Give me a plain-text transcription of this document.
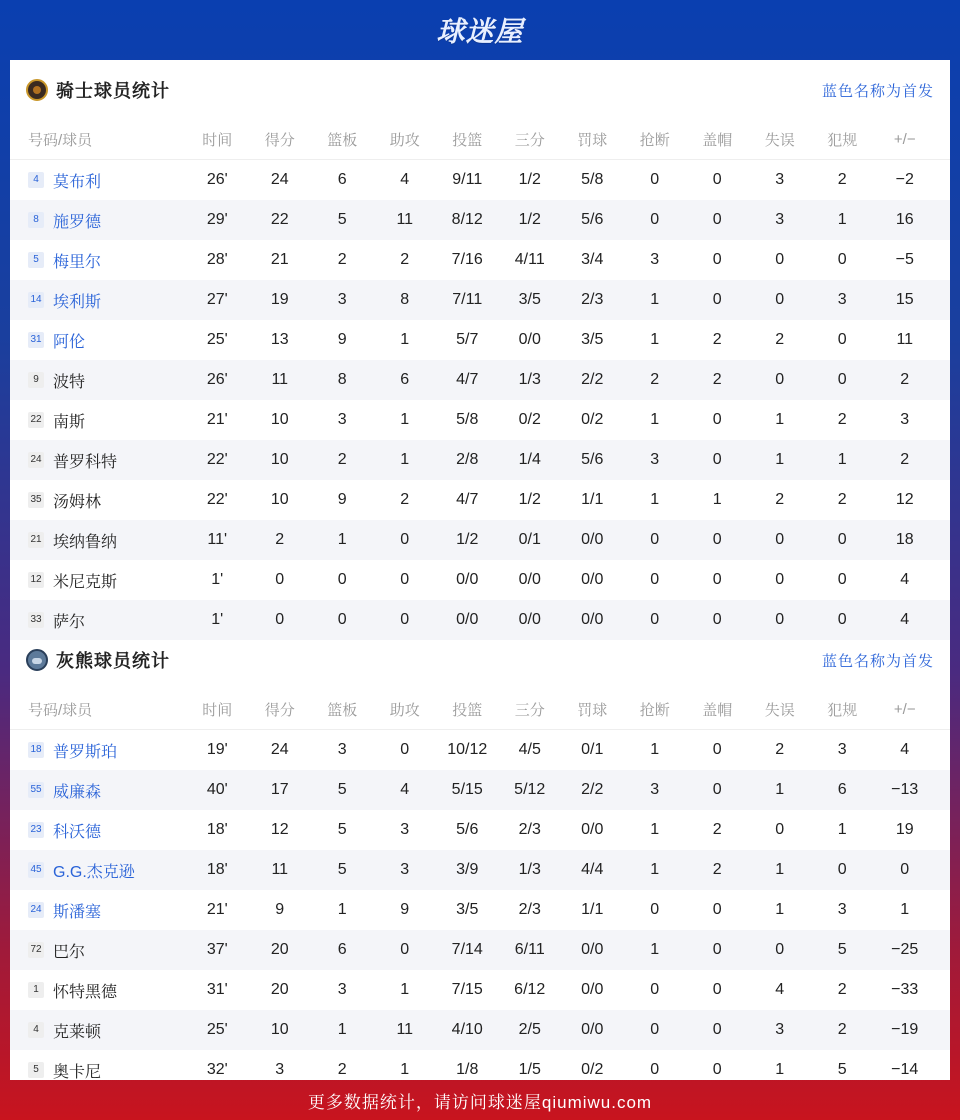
球迷屋
骑士球员统计	蓝色名称为首发
号码/球员	时间	得分	篮板	助攻	投篮	三分	罚球	抢断	盖帽	失误	犯规	+/−
4 莫布利	26'	24	6	4	9/11	1/2	5/8	0	0	3	2	−2
8 施罗德	29'	22	5	11	8/12	1/2	5/6	0	0	3	1	16
5 梅里尔	28'	21	2	2	7/16	4/11	3/4	3	0	0	0	−5
14 埃利斯	27'	19	3	8	7/11	3/5	2/3	1	0	0	3	15
31 阿伦	25'	13	9	1	5/7	0/0	3/5	1	2	2	0	11
9 波特	26'	11	8	6	4/7	1/3	2/2	2	2	0	0	2
22 南斯	21'	10	3	1	5/8	0/2	0/2	1	0	1	2	3
24 普罗科特	22'	10	2	1	2/8	1/4	5/6	3	0	1	1	2
35 汤姆林	22'	10	9	2	4/7	1/2	1/1	1	1	2	2	12
21 埃纳鲁纳	11'	2	1	0	1/2	0/1	0/0	0	0	0	0	18
12 米尼克斯	1'	0	0	0	0/0	0/0	0/0	0	0	0	0	4
33 萨尔	1'	0	0	0	0/0	0/0	0/0	0	0	0	0	4
灰熊球员统计	蓝色名称为首发
号码/球员	时间	得分	篮板	助攻	投篮	三分	罚球	抢断	盖帽	失误	犯规	+/−
18 普罗斯珀	19'	24	3	0	10/12	4/5	0/1	1	0	2	3	4
55 威廉森	40'	17	5	4	5/15	5/12	2/2	3	0	1	6	−13
23 科沃德	18'	12	5	3	5/6	2/3	0/0	1	2	0	1	19
45 G.G.杰克逊	18'	11	5	3	3/9	1/3	4/4	1	2	1	0	0
24 斯潘塞	21'	9	1	9	3/5	2/3	1/1	0	0	1	3	1
72 巴尔	37'	20	6	0	7/14	6/11	0/0	1	0	0	5	−25
1 怀特黑德	31'	20	3	1	7/15	6/12	0/0	0	0	4	2	−33
4 克莱顿	25'	10	1	11	4/10	2/5	0/0	0	0	3	2	−19
5 奥卡尼	32'	3	2	1	1/8	1/5	0/2	0	0	1	5	−14
更多数据统计，请访问球迷屋qiumiwu.com
